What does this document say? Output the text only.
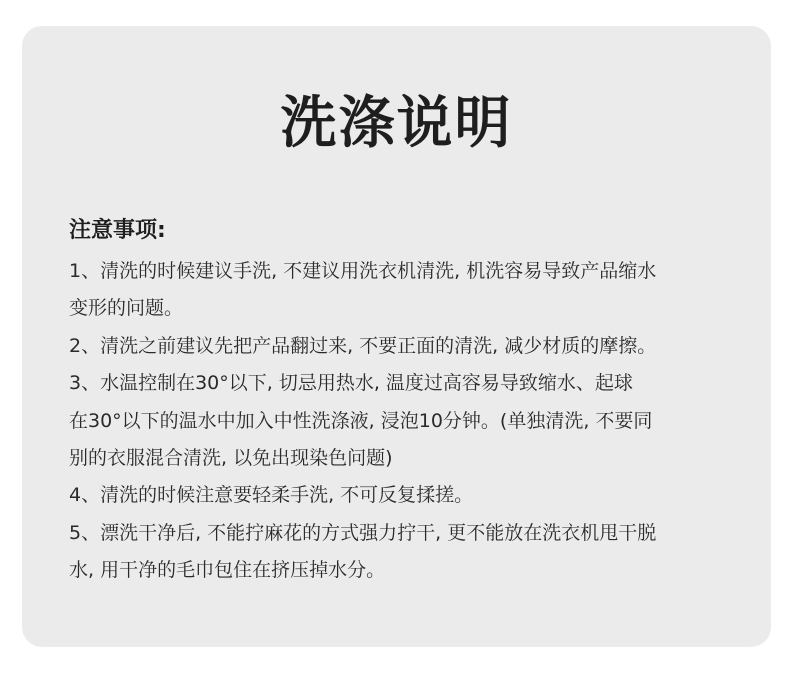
洗涤说明
注意事项:
1、清洗的时候建议手洗, 不建议用洗衣机清洗, 机洗容易导致产品缩水
变形的问题。
2、清洗之前建议先把产品翻过来, 不要正面的清洗, 减少材质的摩擦。
3、水温控制在30°以下, 切忌用热水, 温度过高容易导致缩水、起球
在30°以下的温水中加入中性洗涤液, 浸泡10分钟。(单独清洗, 不要同
别的衣服混合清洗, 以免出现染色问题)
4、清洗的时候注意要轻柔手洗, 不可反复揉搓。
5、漂洗干净后, 不能拧麻花的方式强力拧干, 更不能放在洗衣机甩干脱
水, 用干净的毛巾包住在挤压掉水分。
